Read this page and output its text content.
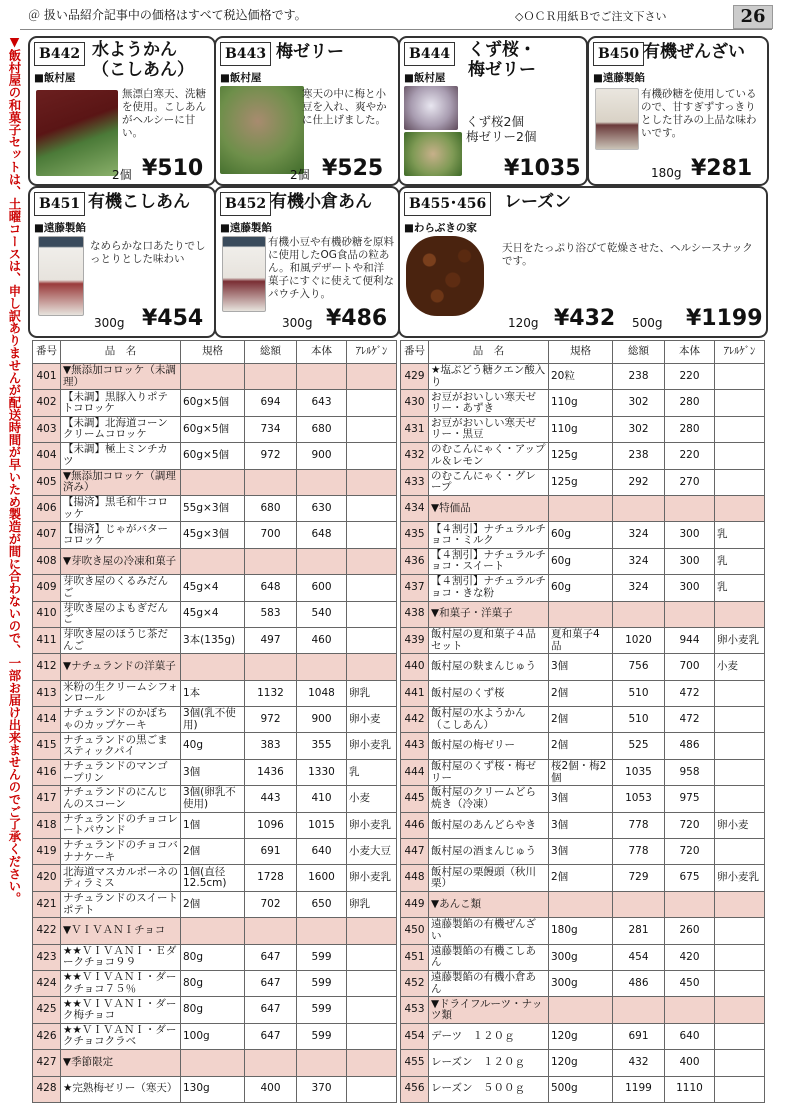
＠ 扱い品紹介記事中の価格はすべて税込価格です。	◇ＯＣＲ用紙Ｂでご注文下さい	26
▼飯村屋の和菓子セットは、土曜コースは、申し訳ありませんが配送時間が早いため製造が間に合わないので、一部お届け出来ませんのでご了承ください。	B442 水ようかん
（こしあん）
■飯村屋
無漂白寒天、洗糖を使用。こしあんがヘルシーに甘い。
2個 ¥510
B443 梅ゼリー
■飯村屋
寒天の中に梅と小豆を入れ、爽やかに仕上げました。
2個 ¥525
B444 くず桜・
梅ゼリー
■飯村屋
くず桜2個
梅ゼリー2個
¥1035
B450 有機ぜんざい
■遠藤製餡
有機砂糖を使用しているので、甘すぎずすっきりとした甘みの上品な味わいです。
180g ¥281
B451 有機こしあん
■遠藤製餡
なめらかな口あたりでしっとりとした味わい
300g ¥454
B452 有機小倉あん
■遠藤製餡
有機小豆や有機砂糖を原料に使用したOG食品の粒あん。和風デザートや和洋菓子にすぐに使えて便利なパウチ入り。
300g ¥486
B455･456 レーズン
■わらぶきの家
天日をたっぷり浴びて乾燥させた、ヘルシースナックです。
120g ¥432 500g ¥1199
番号	品　名	規格	総額	本体	ｱﾚﾙｹﾞﾝ
401	▼無添加コロッケ（未調理）				
402	【未調】黒豚入りポテトコロッケ	60g×5個	694	643	
403	【未調】北海道コーンクリームコロッケ	60g×5個	734	680	
404	【未調】極上ミンチカツ	60g×5個	972	900	
405	▼無添加コロッケ（調理済み）				
406	【揚済】黒毛和牛コロッケ	55g×3個	680	630	
407	【揚済】じゃがバターコロッケ	45g×3個	700	648	
408	▼芽吹き屋の冷凍和菓子				
409	芽吹き屋のくるみだんご	45g×4	648	600	
410	芽吹き屋のよもぎだんご	45g×4	583	540	
411	芽吹き屋のほうじ茶だんご	3本(135g)	497	460	
412	▼ナチュランドの洋菓子				
413	米粉の生クリームシフォンロール	1本	1132	1048	卵乳
414	ナチュランドのかぼちゃのカップケーキ	3個(乳不使用)	972	900	卵小麦
415	ナチュランドの黒ごまスティックパイ	40g	383	355	卵小麦乳
416	ナチュランドのマンゴープリン	3個	1436	1330	乳
417	ナチュランドのにんじんのスコーン	3個(卵乳不使用)	443	410	小麦
418	ナチュランドのチョコレートパウンド	1個	1096	1015	卵小麦乳
419	ナチュランドのチョコバナナケーキ	2個	691	640	小麦大豆
420	北海道マスカルポーネのティラミス	1個(直径12.5cm)	1728	1600	卵小麦乳
421	ナチュランドのスイートポテト	2個	702	650	卵乳
422	▼ＶＩＶＡＮＩチョコ				
423	★★ＶＩＶＡＮＩ・Ｅダークチョコ９９	80g	647	599	
424	★★ＶＩＶＡＮＩ・ダークチョコ７５％	80g	647	599	
425	★★ＶＩＶＡＮＩ・ダーク梅チョコ	80g	647	599	
426	★★ＶＩＶＡＮＩ・ダークチョコクラベ	100g	647	599	
427	▼季節限定				
428	★完熟梅ゼリー（寒天）	130g	400	370	
番号	品　名	規格	総額	本体	ｱﾚﾙｹﾞﾝ
429	★塩ぶどう糖クエン酸入り	20粒	238	220	
430	お豆がおいしい寒天ゼリー・あずき	110g	302	280	
431	お豆がおいしい寒天ゼリー・黒豆	110g	302	280	
432	のむこんにゃく・アップル＆レモン	125g	238	220	
433	のむこんにゃく・グレープ	125g	292	270	
434	▼特価品				
435	【４割引】ナチュラルチョコ・ミルク	60g	324	300	乳
436	【４割引】ナチュラルチョコ・スイート	60g	324	300	乳
437	【４割引】ナチュラルチョコ・きな粉	60g	324	300	乳
438	▼和菓子・洋菓子				
439	飯村屋の夏和菓子４品セット	夏和菓子4品	1020	944	卵小麦乳
440	飯村屋の麩まんじゅう	3個	756	700	小麦
441	飯村屋のくず桜	2個	510	472	
442	飯村屋の水ようかん（こしあん）	2個	510	472	
443	飯村屋の梅ゼリー	2個	525	486	
444	飯村屋のくず桜・梅ゼリー	桜2個・梅2個	1035	958	
445	飯村屋のクリームどら焼き（冷凍）	3個	1053	975	
446	飯村屋のあんどらやき	3個	778	720	卵小麦
447	飯村屋の酒まんじゅう	3個	778	720	
448	飯村屋の栗饅頭（秋川栗）	2個	729	675	卵小麦乳
449	▼あんこ類				
450	遠藤製餡の有機ぜんざい	180g	281	260	
451	遠藤製餡の有機こしあん	300g	454	420	
452	遠藤製餡の有機小倉あん	300g	486	450	
453	▼ドライフルーツ・ナッツ類				
454	デーツ　１２０ｇ	120g	691	640	
455	レーズン　１２０ｇ	120g	432	400	
456	レーズン　５００ｇ	500g	1199	1110	
